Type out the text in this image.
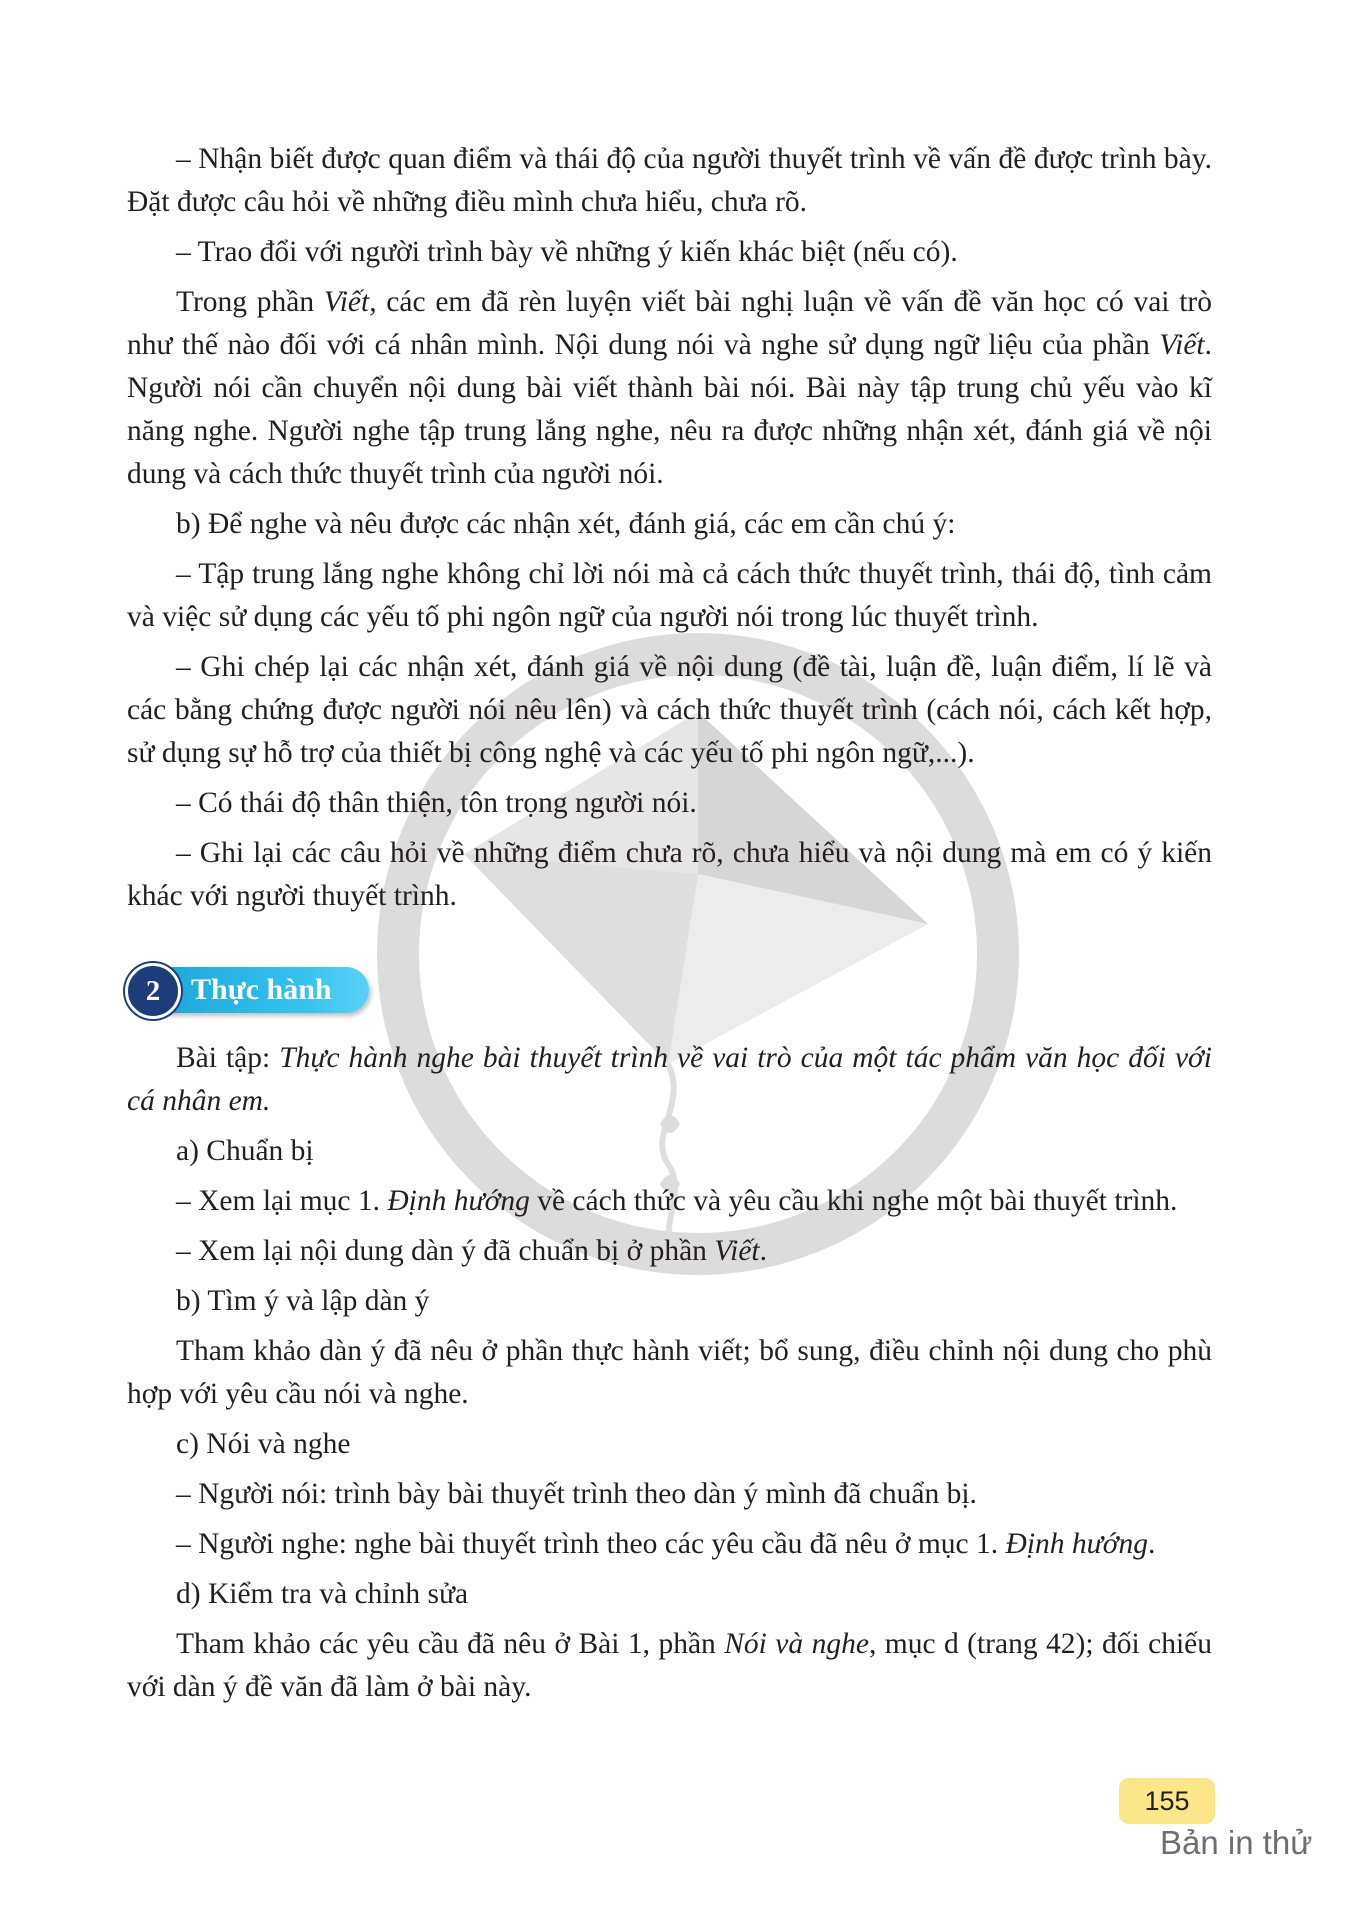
– Nhận biết được quan điểm và thái độ của người thuyết trình về vấn đề được trình bày. Đặt được câu hỏi về những điều mình chưa hiểu, chưa rõ.

– Trao đổi với người trình bày về những ý kiến khác biệt (nếu có).

Trong phần Viết, các em đã rèn luyện viết bài nghị luận về vấn đề văn học có vai trò như thế nào đối với cá nhân mình. Nội dung nói và nghe sử dụng ngữ liệu của phần Viết. Người nói cần chuyển nội dung bài viết thành bài nói. Bài này tập trung chủ yếu vào kĩ năng nghe. Người nghe tập trung lắng nghe, nêu ra được những nhận xét, đánh giá về nội dung và cách thức thuyết trình của người nói.

b) Để nghe và nêu được các nhận xét, đánh giá, các em cần chú ý:

– Tập trung lắng nghe không chỉ lời nói mà cả cách thức thuyết trình, thái độ, tình cảm và việc sử dụng các yếu tố phi ngôn ngữ của người nói trong lúc thuyết trình.

– Ghi chép lại các nhận xét, đánh giá về nội dung (đề tài, luận đề, luận điểm, lí lẽ và các bằng chứng được người nói nêu lên) và cách thức thuyết trình (cách nói, cách kết hợp, sử dụng sự hỗ trợ của thiết bị công nghệ và các yếu tố phi ngôn ngữ,...).

– Có thái độ thân thiện, tôn trọng người nói.

– Ghi lại các câu hỏi về những điểm chưa rõ, chưa hiểu và nội dung mà em có ý kiến khác với người thuyết trình.

2	Thực hành

Bài tập: Thực hành nghe bài thuyết trình về vai trò của một tác phẩm văn học đối với cá nhân em.

a) Chuẩn bị

– Xem lại mục 1. Định hướng về cách thức và yêu cầu khi nghe một bài thuyết trình.

– Xem lại nội dung dàn ý đã chuẩn bị ở phần Viết.

b) Tìm ý và lập dàn ý

Tham khảo dàn ý đã nêu ở phần thực hành viết; bổ sung, điều chỉnh nội dung cho phù hợp với yêu cầu nói và nghe.

c) Nói và nghe

– Người nói: trình bày bài thuyết trình theo dàn ý mình đã chuẩn bị.

– Người nghe: nghe bài thuyết trình theo các yêu cầu đã nêu ở mục 1. Định hướng.

d) Kiểm tra và chỉnh sửa

Tham khảo các yêu cầu đã nêu ở Bài 1, phần Nói và nghe, mục d (trang 42); đối chiếu với dàn ý đề văn đã làm ở bài này.

155
Bản in thử
